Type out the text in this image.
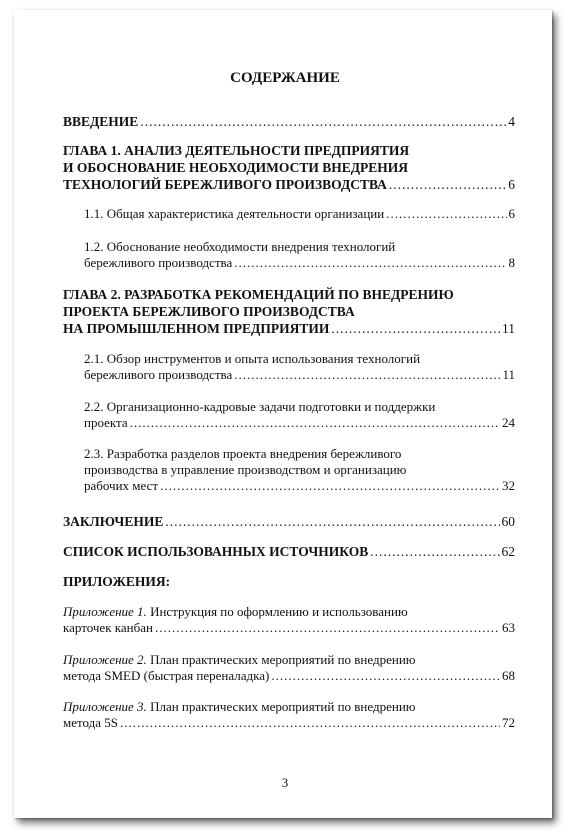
СОДЕРЖАНИЕ
ВВЕДЕНИЕ .....	4
ГЛАВА 1. АНАЛИЗ ДЕЯТЕЛЬНОСТИ ПРЕДПРИЯТИЯ
И ОБОСНОВАНИЕ НЕОБХОДИМОСТИ ВНЕДРЕНИЯ
ТЕХНОЛОГИЙ БЕРЕЖЛИВОГО ПРОИЗВОДСТВА .....	6
1.1. Общая характеристика деятельности организации .....	6
1.2. Обоснование необходимости внедрения технологий
бережливого производства .....	8
ГЛАВА 2. РАЗРАБОТКА РЕКОМЕНДАЦИЙ ПО ВНЕДРЕНИЮ
ПРОЕКТА БЕРЕЖЛИВОГО ПРОИЗВОДСТВА
НА ПРОМЫШЛЕННОМ ПРЕДПРИЯТИИ .....	11
2.1. Обзор инструментов и опыта использования технологий
бережливого производства .....	11
2.2. Организационно-кадровые задачи подготовки и поддержки
проекта .....	24
2.3. Разработка разделов проекта внедрения бережливого
производства в управление производством и организацию
рабочих мест .....	32
ЗАКЛЮЧЕНИЕ .....	60
СПИСОК ИСПОЛЬЗОВАННЫХ ИСТОЧНИКОВ .....	62
ПРИЛОЖЕНИЯ:
Приложение 1. Инструкция по оформлению и использованию
карточек канбан .....	63
Приложение 2. План практических мероприятий по внедрению
метода SMED (быстрая переналадка) .....	68
Приложение 3. План практических мероприятий по внедрению
метода 5S .....	72
3
